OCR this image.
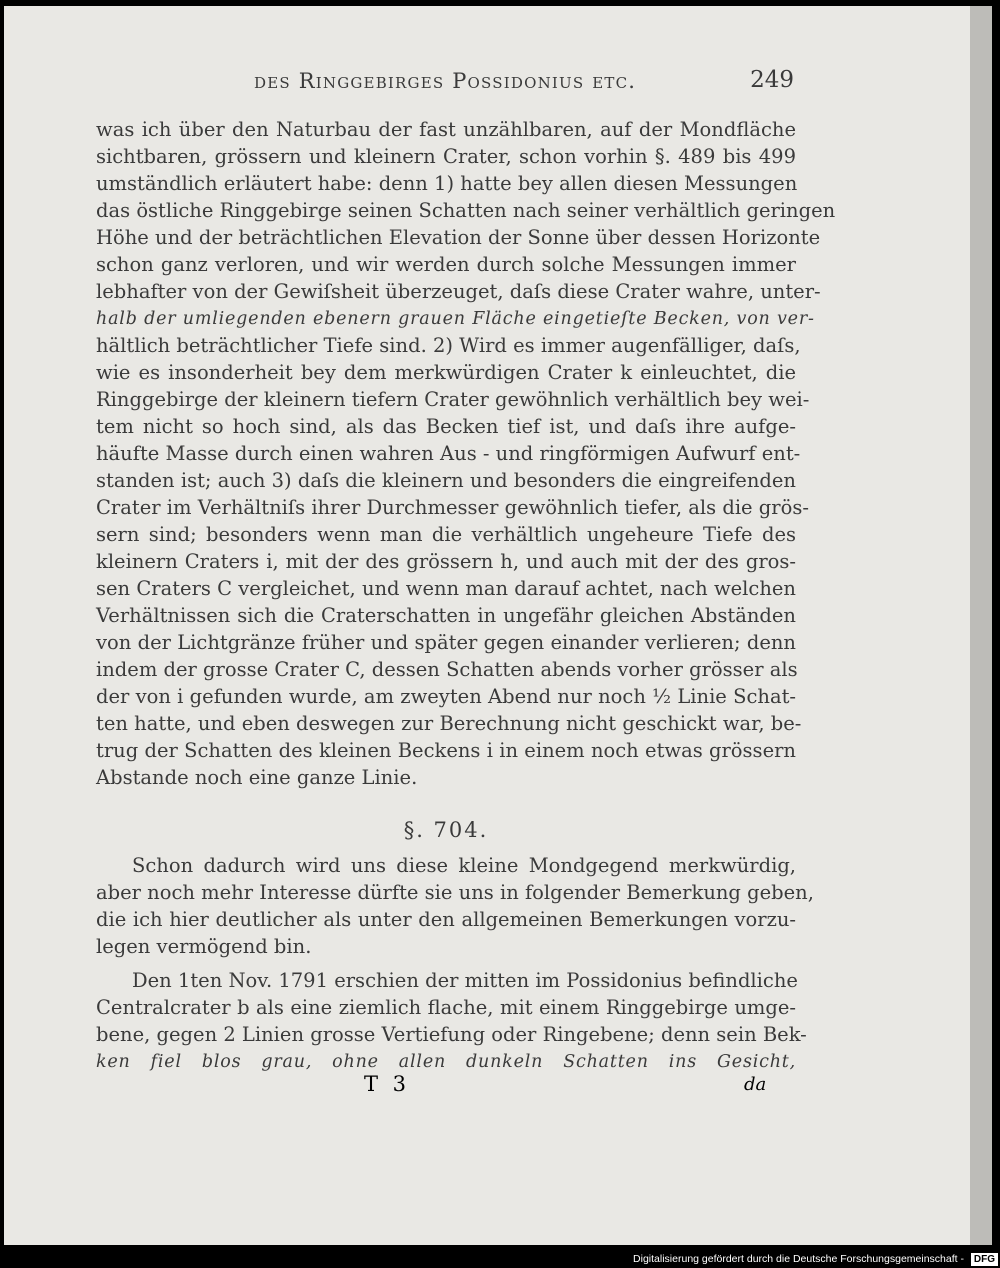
des Ringgebirges Possidonius etc.	249
was ich über den Naturbau der fast unzählbaren, auf der Mondfläche
sichtbaren, grössern und kleinern Crater, schon vorhin §. 489 bis 499
umständlich erläutert habe: denn 1) hatte bey allen diesen Messungen
das östliche Ringgebirge seinen Schatten nach seiner verhältlich geringen
Höhe und der beträchtlichen Elevation der Sonne über dessen Horizonte
schon ganz verloren, und wir werden durch solche Messungen immer
lebhafter von der Gewiſsheit überzeuget, daſs diese Crater wahre, unter-
halb der umliegenden ebenern grauen Fläche eingetieſte Becken, von ver-
hältlich beträchtlicher Tiefe sind. 2) Wird es immer augenfälliger, daſs,
wie es insonderheit bey dem merkwürdigen Crater k einleuchtet, die
Ringgebirge der kleinern tiefern Crater gewöhnlich verhältlich bey wei-
tem nicht so hoch sind, als das Becken tief ist, und daſs ihre aufge-
häufte Masse durch einen wahren Aus - und ringförmigen Aufwurf ent-
standen ist; auch 3) daſs die kleinern und besonders die eingreifenden
Crater im Verhältniſs ihrer Durchmesser gewöhnlich tiefer, als die grös-
sern sind; besonders wenn man die verhältlich ungeheure Tiefe des
kleinern Craters i, mit der des grössern h, und auch mit der des gros-
sen Craters C vergleichet, und wenn man darauf achtet, nach welchen
Verhältnissen sich die Craterschatten in ungefähr gleichen Abständen
von der Lichtgränze früher und später gegen einander verlieren; denn
indem der grosse Crater C, dessen Schatten abends vorher grösser als
der von i gefunden wurde, am zweyten Abend nur noch ½ Linie Schat-
ten hatte, und eben deswegen zur Berechnung nicht geschickt war, be-
trug der Schatten des kleinen Beckens i in einem noch etwas grössern
Abstande noch eine ganze Linie.
§. 704.
Schon dadurch wird uns diese kleine Mondgegend merkwürdig,
aber noch mehr Interesse dürfte sie uns in folgender Bemerkung geben,
die ich hier deutlicher als unter den allgemeinen Bemerkungen vorzu-
legen vermögend bin.
Den 1ten Nov. 1791 erschien der mitten im Possidonius befindliche
Centralcrater b als eine ziemlich flache, mit einem Ringgebirge umge-
bene, gegen 2 Linien grosse Vertiefung oder Ringebene; denn sein Bek-
ken fiel blos grau, ohne allen dunkeln Schatten ins Gesicht,
T 3	da
Digitalisierung gefördert durch die Deutsche Forschungsgemeinschaft - DFG
